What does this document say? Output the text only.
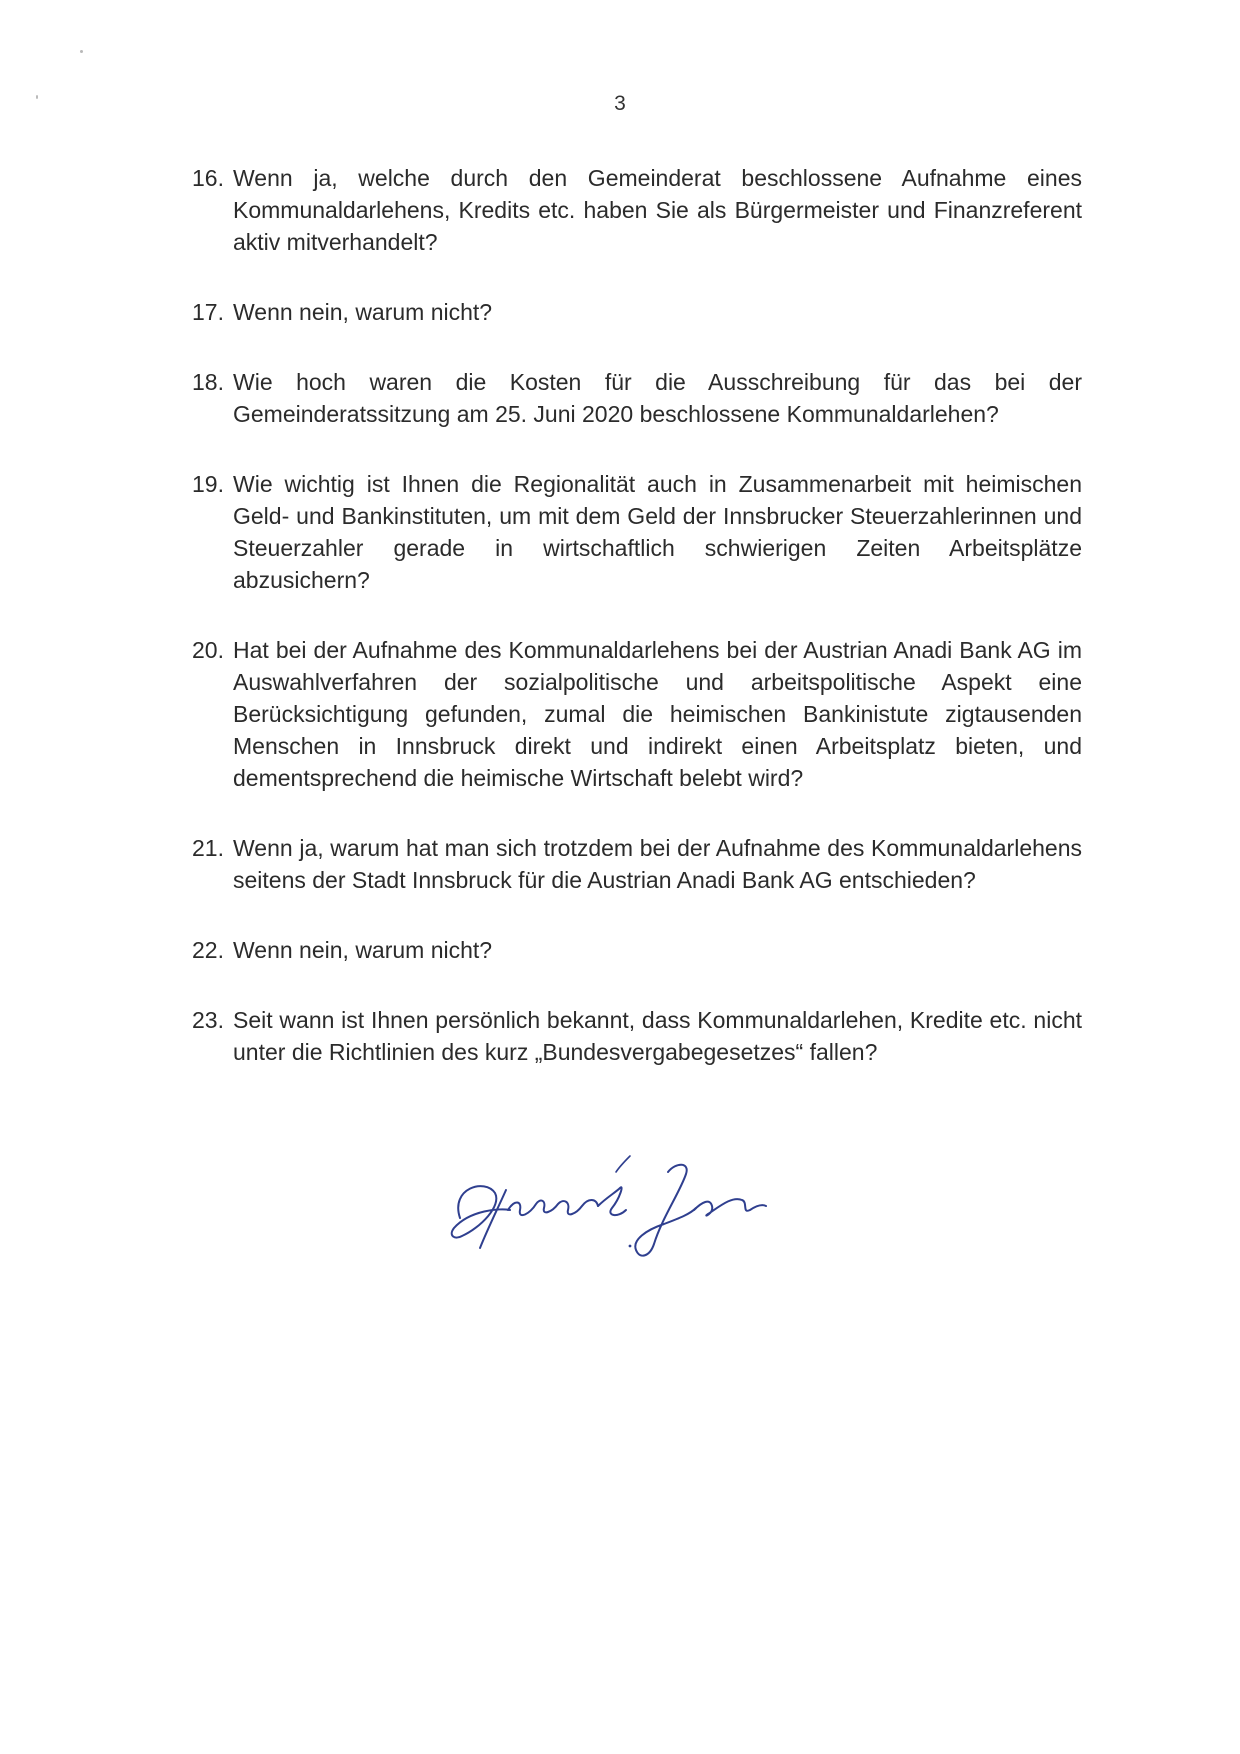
3
16. Wenn ja, welche durch den Gemeinderat beschlossene Aufnahme eines Kommunaldarlehens, Kredits etc. haben Sie als Bürgermeister und Finanzreferent aktiv mitverhandelt?
17. Wenn nein, warum nicht?
18. Wie hoch waren die Kosten für die Ausschreibung für das bei der Gemeinderatssitzung am 25. Juni 2020 beschlossene Kommunaldarlehen?
19. Wie wichtig ist Ihnen die Regionalität auch in Zusammenarbeit mit heimischen Geld- und Bankinstituten, um mit dem Geld der Innsbrucker Steuerzahlerinnen und Steuerzahler gerade in wirtschaftlich schwierigen Zeiten Arbeitsplätze abzusichern?
20. Hat bei der Aufnahme des Kommunaldarlehens bei der Austrian Anadi Bank AG im Auswahlverfahren der sozialpolitische und arbeitspolitische Aspekt eine Berücksichtigung gefunden, zumal die heimischen Bankinistute zigtausenden Menschen in Innsbruck direkt und indirekt einen Arbeitsplatz bieten, und dementsprechend die heimische Wirtschaft belebt wird?
21. Wenn ja, warum hat man sich trotzdem bei der Aufnahme des Kommunaldarlehens seitens der Stadt Innsbruck für die Austrian Anadi Bank AG entschieden?
22. Wenn nein, warum nicht?
23. Seit wann ist Ihnen persönlich bekannt, dass Kommunaldarlehen, Kredite etc. nicht unter die Richtlinien des kurz „Bundesvergabegesetzes“ fallen?
